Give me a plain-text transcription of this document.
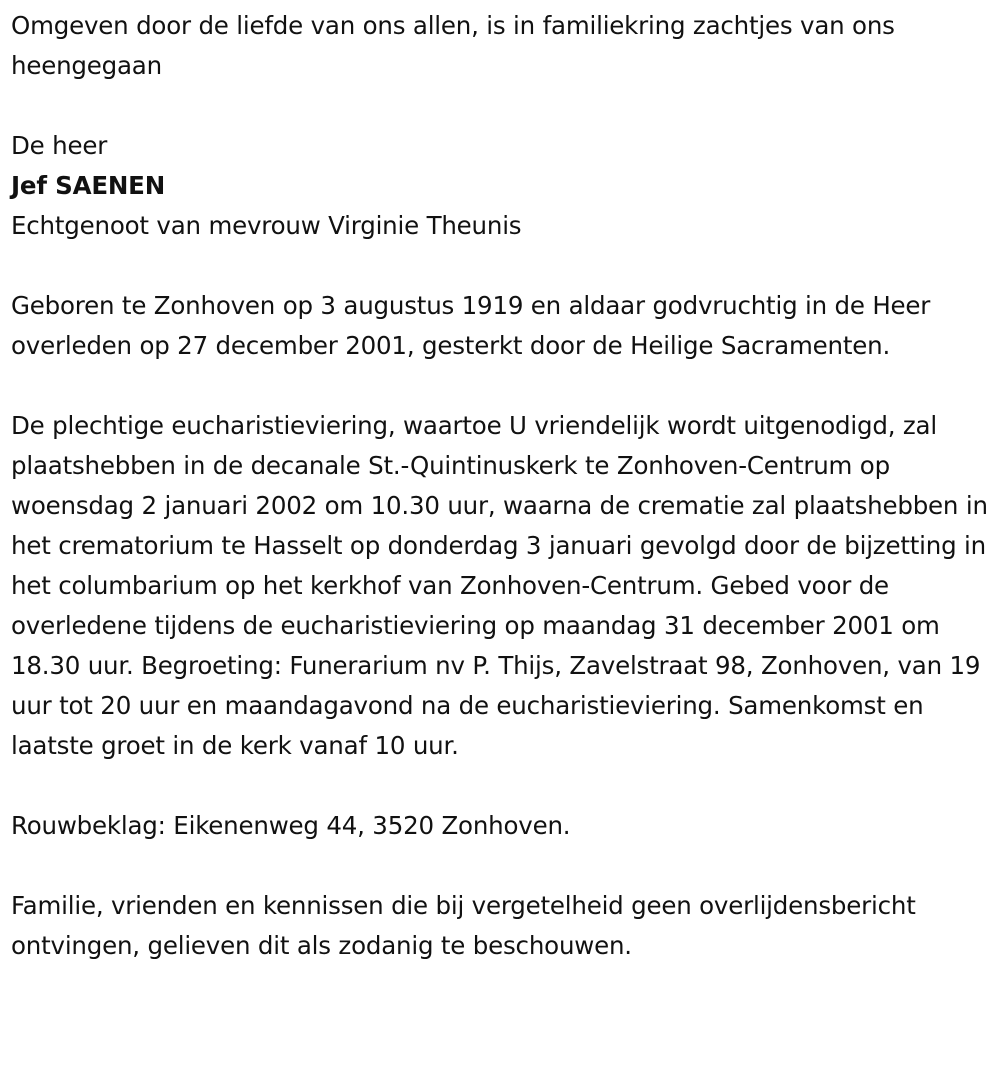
Omgeven door de liefde van ons allen, is in familiekring zachtjes van ons heengegaan

De heer

Jef SAENEN

Echtgenoot van mevrouw Virginie Theunis

Geboren te Zonhoven op 3 augustus 1919 en aldaar godvruchtig in de Heer overleden op 27 december 2001, gesterkt door de Heilige Sacramenten.

De plechtige eucharistieviering, waartoe U vriendelijk wordt uitgenodigd, zal plaatshebben in de decanale St.-Quintinuskerk te Zonhoven-Centrum op woensdag 2 januari 2002 om 10.30 uur, waarna de crematie zal plaatshebben in het crematorium te Hasselt op donderdag 3 januari gevolgd door de bijzetting in het columbarium op het kerkhof van Zonhoven-Centrum. Gebed voor de overledene tijdens de eucharistieviering op maandag 31 december 2001 om 18.30 uur. Begroeting: Funerarium nv P. Thijs, Zavelstraat 98, Zonhoven, van 19 uur tot 20 uur en maandagavond na de eucharistieviering. Samenkomst en laatste groet in de kerk vanaf 10 uur.

Rouwbeklag: Eikenenweg 44, 3520 Zonhoven.

Familie, vrienden en kennissen die bij vergetelheid geen overlijdensbericht ontvingen, gelieven dit als zodanig te beschouwen.
